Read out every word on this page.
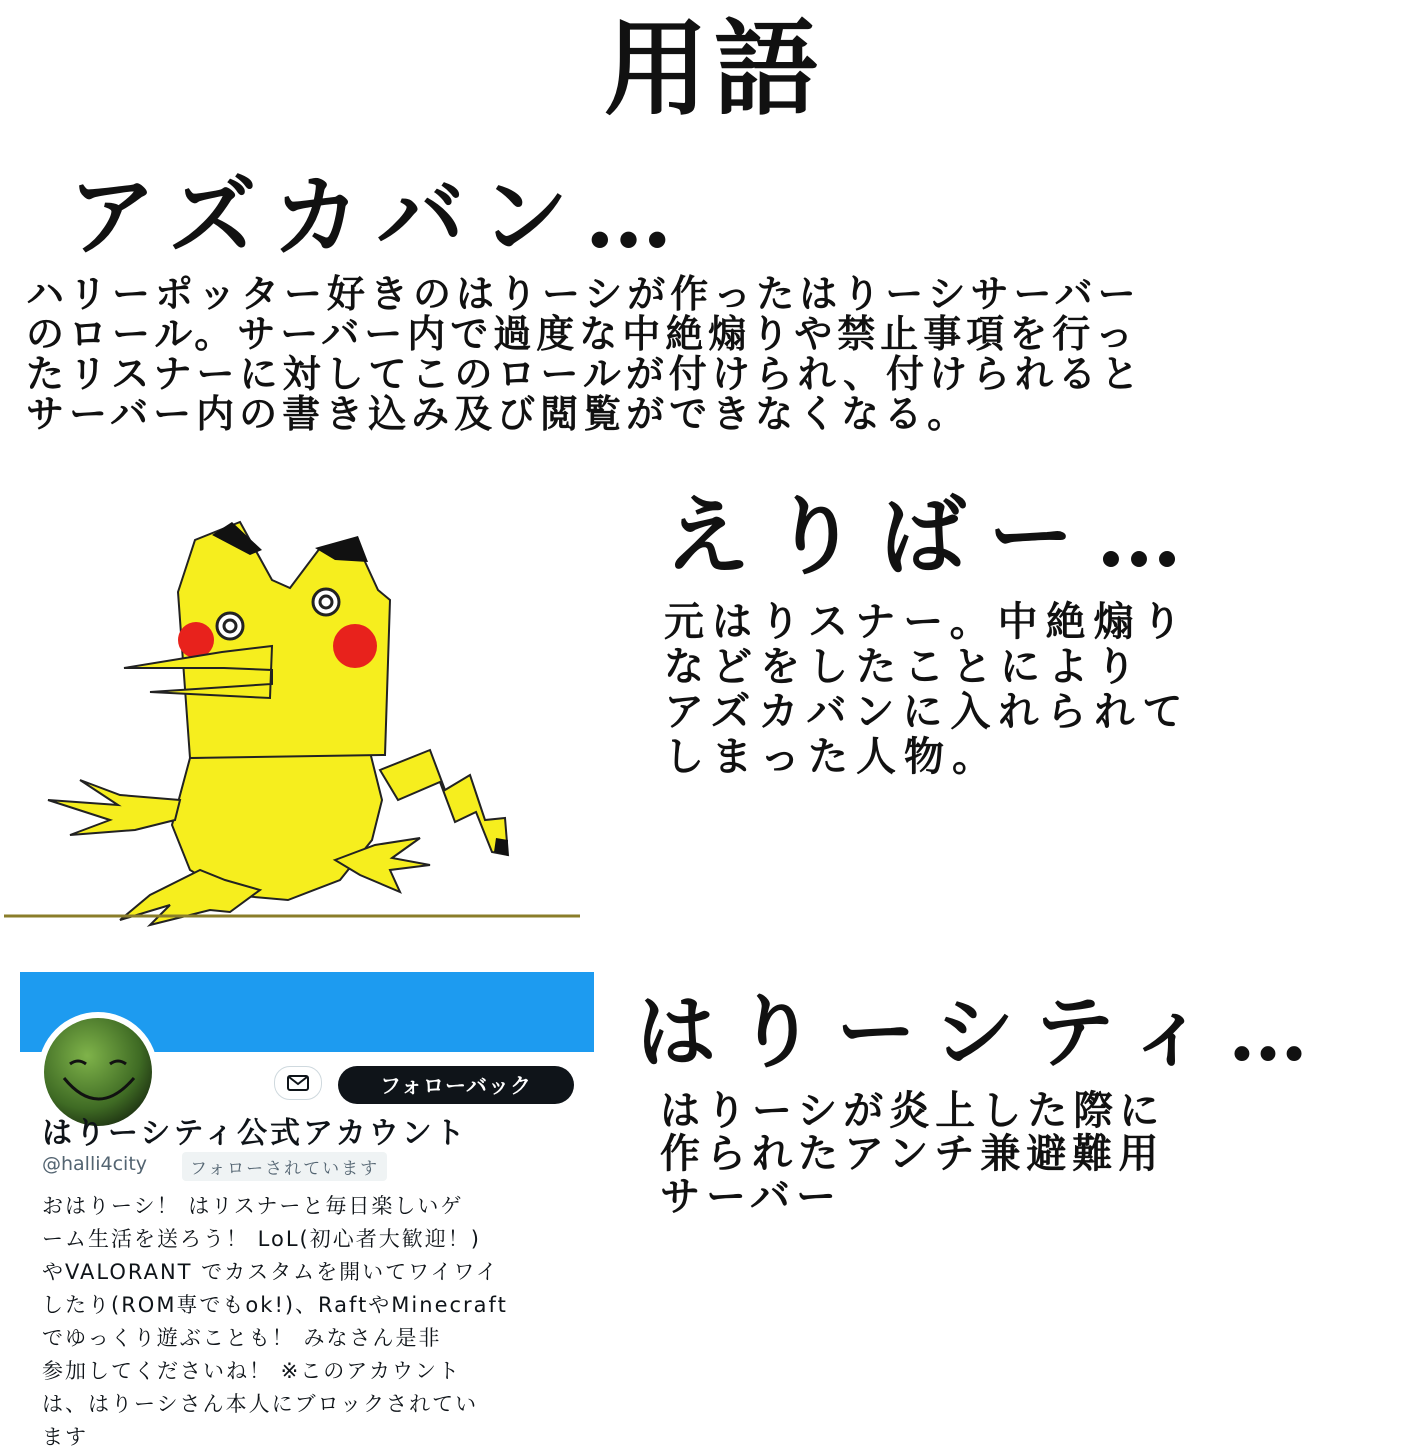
用語
アズカバン…
ハリーポッター好きのはりーシが作ったはりーシサーバー
のロール。サーバー内で過度な中絶煽りや禁止事項を行っ
たリスナーに対してこのロールが付けられ、付けられると
サーバー内の書き込み及び閲覧ができなくなる。
えりばー…
元はりスナー。中絶煽り
などをしたことにより
アズカバンに入れられて
しまった人物。
フォローバック
はりーシティ公式アカウント
@halli4city	フォローされています
おはりーシ！ はリスナーと毎日楽しいゲ
ーム生活を送ろう！ LoL(初心者大歓迎！)
やVALORANT でカスタムを開いてワイワイ
したり(ROM専でもok!)、RaftやMinecraft
でゆっくり遊ぶことも！ みなさん是非
参加してくださいね！ ※このアカウント
は、はりーシさん本人にブロックされてい
ます
はりーシティ…
はりーシが炎上した際に
作られたアンチ兼避難用
サーバー
